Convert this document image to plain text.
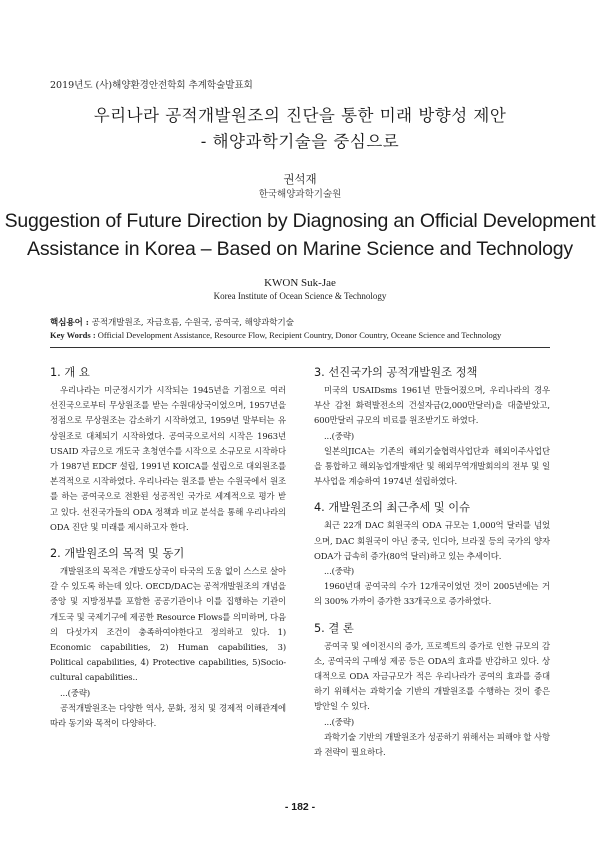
2019년도 (사)해양환경안전학회 추계학술발표회
우리나라 공적개발원조의 진단을 통한 미래 방향성 제안
- 해양과학기술을 중심으로
권석재
한국해양과학기술원
Suggestion of Future Direction by Diagnosing an Official Development
Assistance in Korea – Based on Marine Science and Technology
KWON Suk-Jae
Korea Institute of Ocean Science & Technology
핵심용어 : 공적개발원조, 자금흐름, 수원국, 공여국, 해양과학기술
Key Words : Official Development Assistance, Resource Flow, Recipient Country, Donor Country, Oceane Science and Technology
1. 개 요

우리나라는 미군정시기가 시작되는 1945년을 기점으로 여러 선진국으로부터 무상원조를 받는 수원대상국이었으며, 1957년을 정점으로 무상원조는 감소하기 시작하였고, 1959년 말부터는 유상원조로 대체되기 시작하였다. 공여국으로서의 시작은 1963년 USAID 자금으로 개도국 초청연수를 시작으로 소규모로 시작하다가 1987년 EDCF 설립, 1991년 KOICA를 설립으로 대외원조를 본격적으로 시작하였다. 우리나라는 원조를 받는 수원국에서 원조를 하는 공여국으로 전환된 성공적인 국가로 세계적으로 평가 받고 있다. 선진국가들의 ODA 정책과 비교 분석을 통해 우리나라의 ODA 진단 및 미래를 제시하고자 한다.

2. 개발원조의 목적 및 동기

개발원조의 목적은 개발도상국이 타국의 도움 없이 스스로 살아갈 수 있도록 하는데 있다. OECD/DAC는 공적개발원조의 개념을 중앙 및 지방정부를 포함한 공공기관이나 이를 집행하는 기관이 개도국 및 국제기구에 제공한 Resource Flows를 의미하며, 다음의 다섯가지 조건이 충족하여야한다고 정의하고 있다. 1) Economic capabilities, 2) Human capabilities, 3) Political capabilities, 4) Protective capabilities, 5)Socio-cultural capabilities..

...(중략)

공적개발원조는 다양한 역사, 문화, 정치 및 경제적 이해관계에 따라 동기와 목적이 다양하다.

3. 선진국가의 공적개발원조 정책

미국의 USAIDsms 1961년 만들어졌으며, 우리나라의 경우 부산 감천 화력발전소의 건설자금(2,000만달러)을 대출받았고, 600만달러 규모의 비료를 원조받기도 하였다.

...(중략)

일본의JICA는 기존의 해외기술협력사업단과 해외이주사업단을 통합하고 해외농업개발재단 및 해외무역개발회의의 전부 및 일부사업을 계승하여 1974년 설립하였다.

4. 개발원조의 최근추세 및 이슈

최근 22개 DAC 회원국의 ODA 규모는 1,000억 달러를 넘었으며, DAC 회원국이 아닌 중국, 인디아, 브라질 등의 국가의 양자 ODA가 급속히 증가(80억 달러)하고 있는 추세이다.

...(중략)

1960년대 공여국의 수가 12개국이었던 것이 2005년에는 거의 300% 가까이 증가한 33개국으로 증가하였다.

5. 결 론

공여국 및 에이전시의 증가, 프로젝트의 증가로 인한 규모의 감소, 공여국의 구매성 제공 등은 ODA의 효과를 반감하고 있다. 상대적으로 ODA 자금규모가 적은 우리나라가 공여의 효과를 증대하기 위해서는 과학기술 기반의 개발원조를 수행하는 것이 좋은 방안일 수 있다.

...(중략)

과학기술 기반의 개발원조가 성공하기 위해서는 피해야 할 사항과 전략이 필요하다.

- 182 -
